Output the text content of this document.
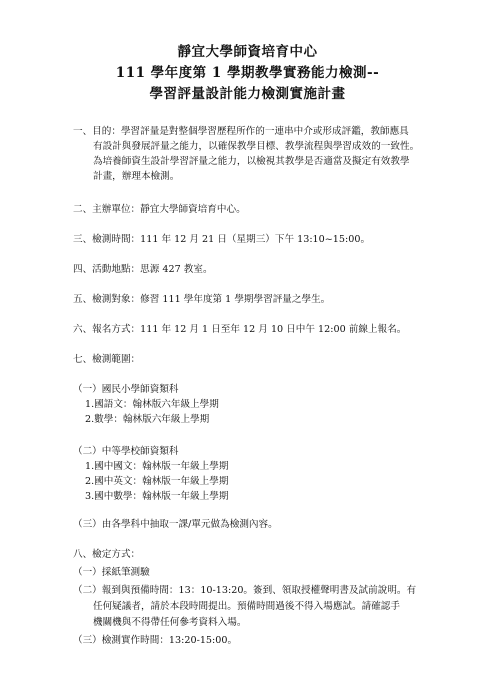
靜宜大學師資培育中心
111 學年度第 1 學期教學實務能力檢測--
學習評量設計能力檢測實施計畫
一、目的：學習評量是對整個學習歷程所作的一連串中介或形成評鑑，教師應具
有設計與發展評量之能力，以確保教學目標、教學流程與學習成效的一致性。
為培養師資生設計學習評量之能力，以檢視其教學是否適當及擬定有效教學
計畫，辦理本檢測。
二、主辦單位：靜宜大學師資培育中心。
三、檢測時間：111 年 12 月 21 日（星期三）下午 13:10~15:00。
四、活動地點：思源 427 教室。
五、檢測對象：修習 111 學年度第 1 學期學習評量之學生。
六、報名方式：111 年 12 月 1 日至年 12 月 10 日中午 12:00 前線上報名。
七、檢測範圍：
（一）國民小學師資類科
1.國語文：翰林版六年級上學期
2.數學：翰林版六年級上學期
（二）中等學校師資類科
1.國中國文：翰林版一年級上學期
2.國中英文：翰林版一年級上學期
3.國中數學：翰林版一年級上學期
（三）由各學科中抽取一課/單元做為檢測內容。
八、檢定方式：
（一）採紙筆測驗
（二）報到與預備時間：13：10-13:20。簽到、領取授權聲明書及試前說明。有
任何疑議者，請於本段時間提出。預備時間過後不得入場應試。請確認手
機關機與不得帶任何參考資料入場。
（三）檢測實作時間：13:20-15:00。
